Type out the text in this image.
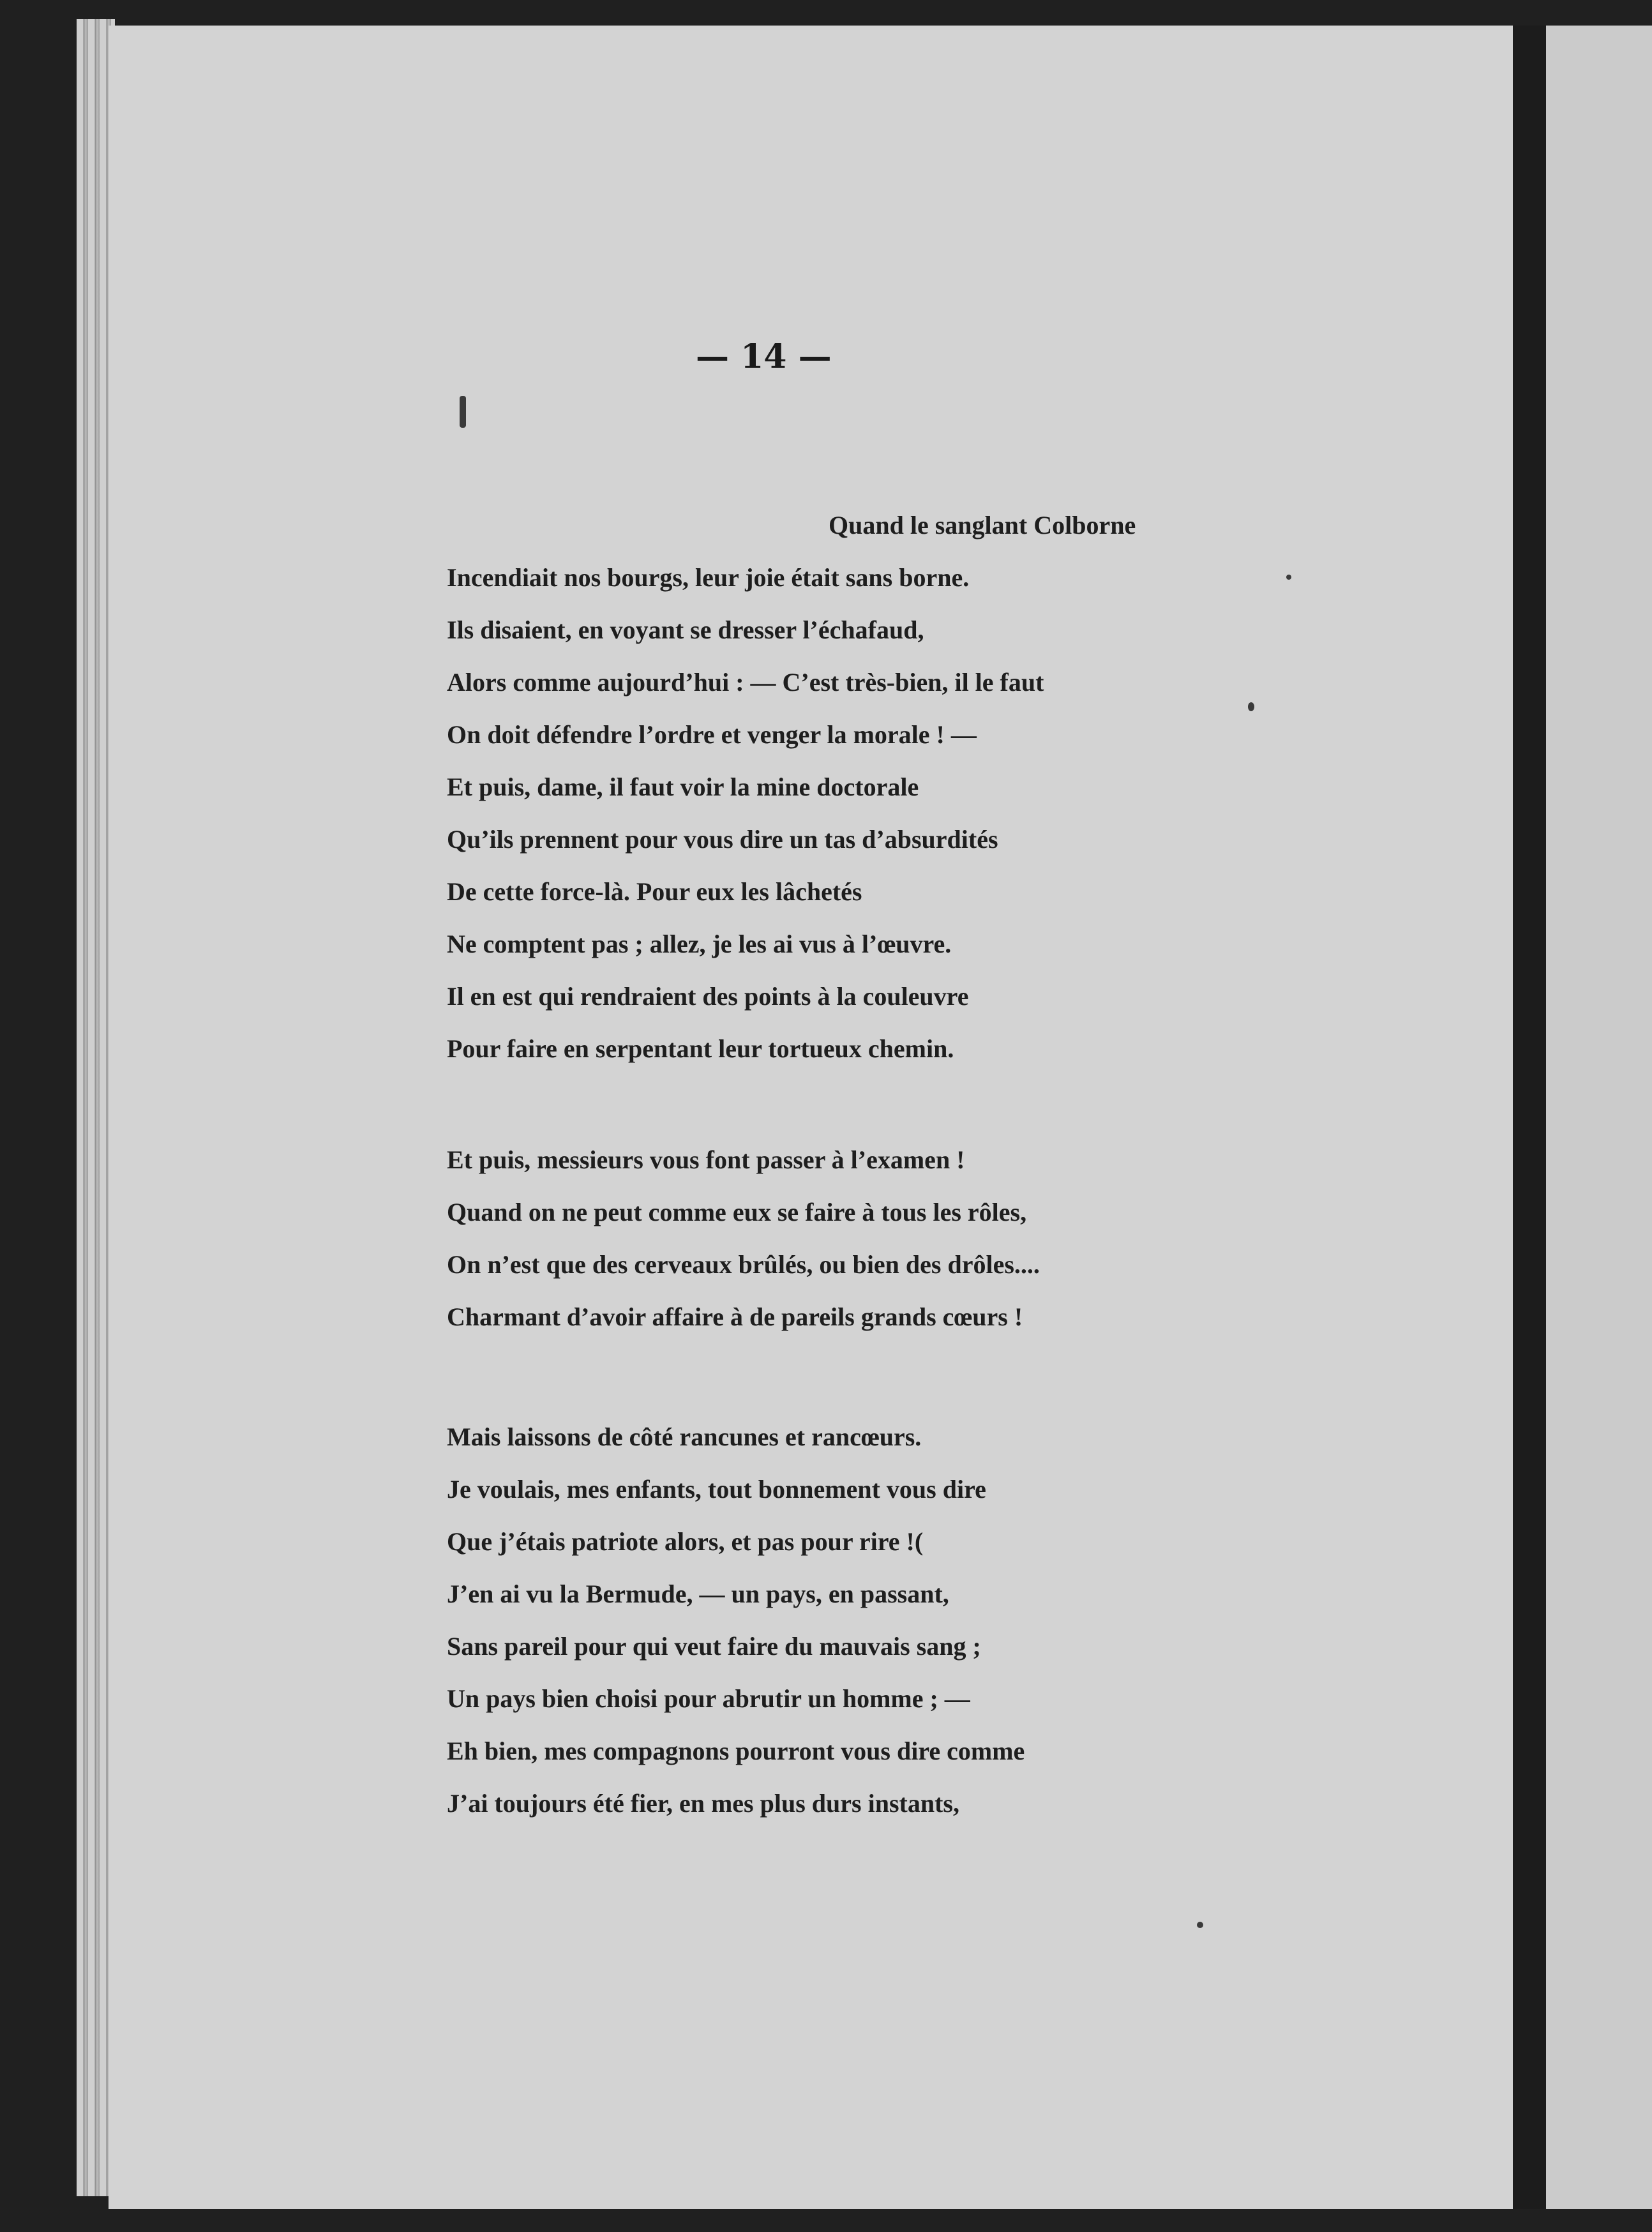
— 14 —
Quand le sanglant Colborne
Incendiait nos bourgs, leur joie était sans borne.
Ils disaient, en voyant se dresser l’échafaud,
Alors comme aujourd’hui : — C’est très-bien, il le faut
On doit défendre l’ordre et venger la morale ! —
Et puis, dame, il faut voir la mine doctorale
Qu’ils prennent pour vous dire un tas d’absurdités
De cette force-là. Pour eux les lâchetés
Ne comptent pas ; allez, je les ai vus à l’œuvre.
Il en est qui rendraient des points à la couleuvre
Pour faire en serpentant leur tortueux chemin.
Et puis, messieurs vous font passer à l’examen !
Quand on ne peut comme eux se faire à tous les rôles,
On n’est que des cerveaux brûlés, ou bien des drôles....
Charmant d’avoir affaire à de pareils grands cœurs !
Mais laissons de côté rancunes et rancœurs.
Je voulais, mes enfants, tout bonnement vous dire
Que j’étais patriote alors, et pas pour rire !(
J’en ai vu la Bermude, — un pays, en passant,
Sans pareil pour qui veut faire du mauvais sang ;
Un pays bien choisi pour abrutir un homme ; —
Eh bien, mes compagnons pourront vous dire comme
J’ai toujours été fier, en mes plus durs instants,
